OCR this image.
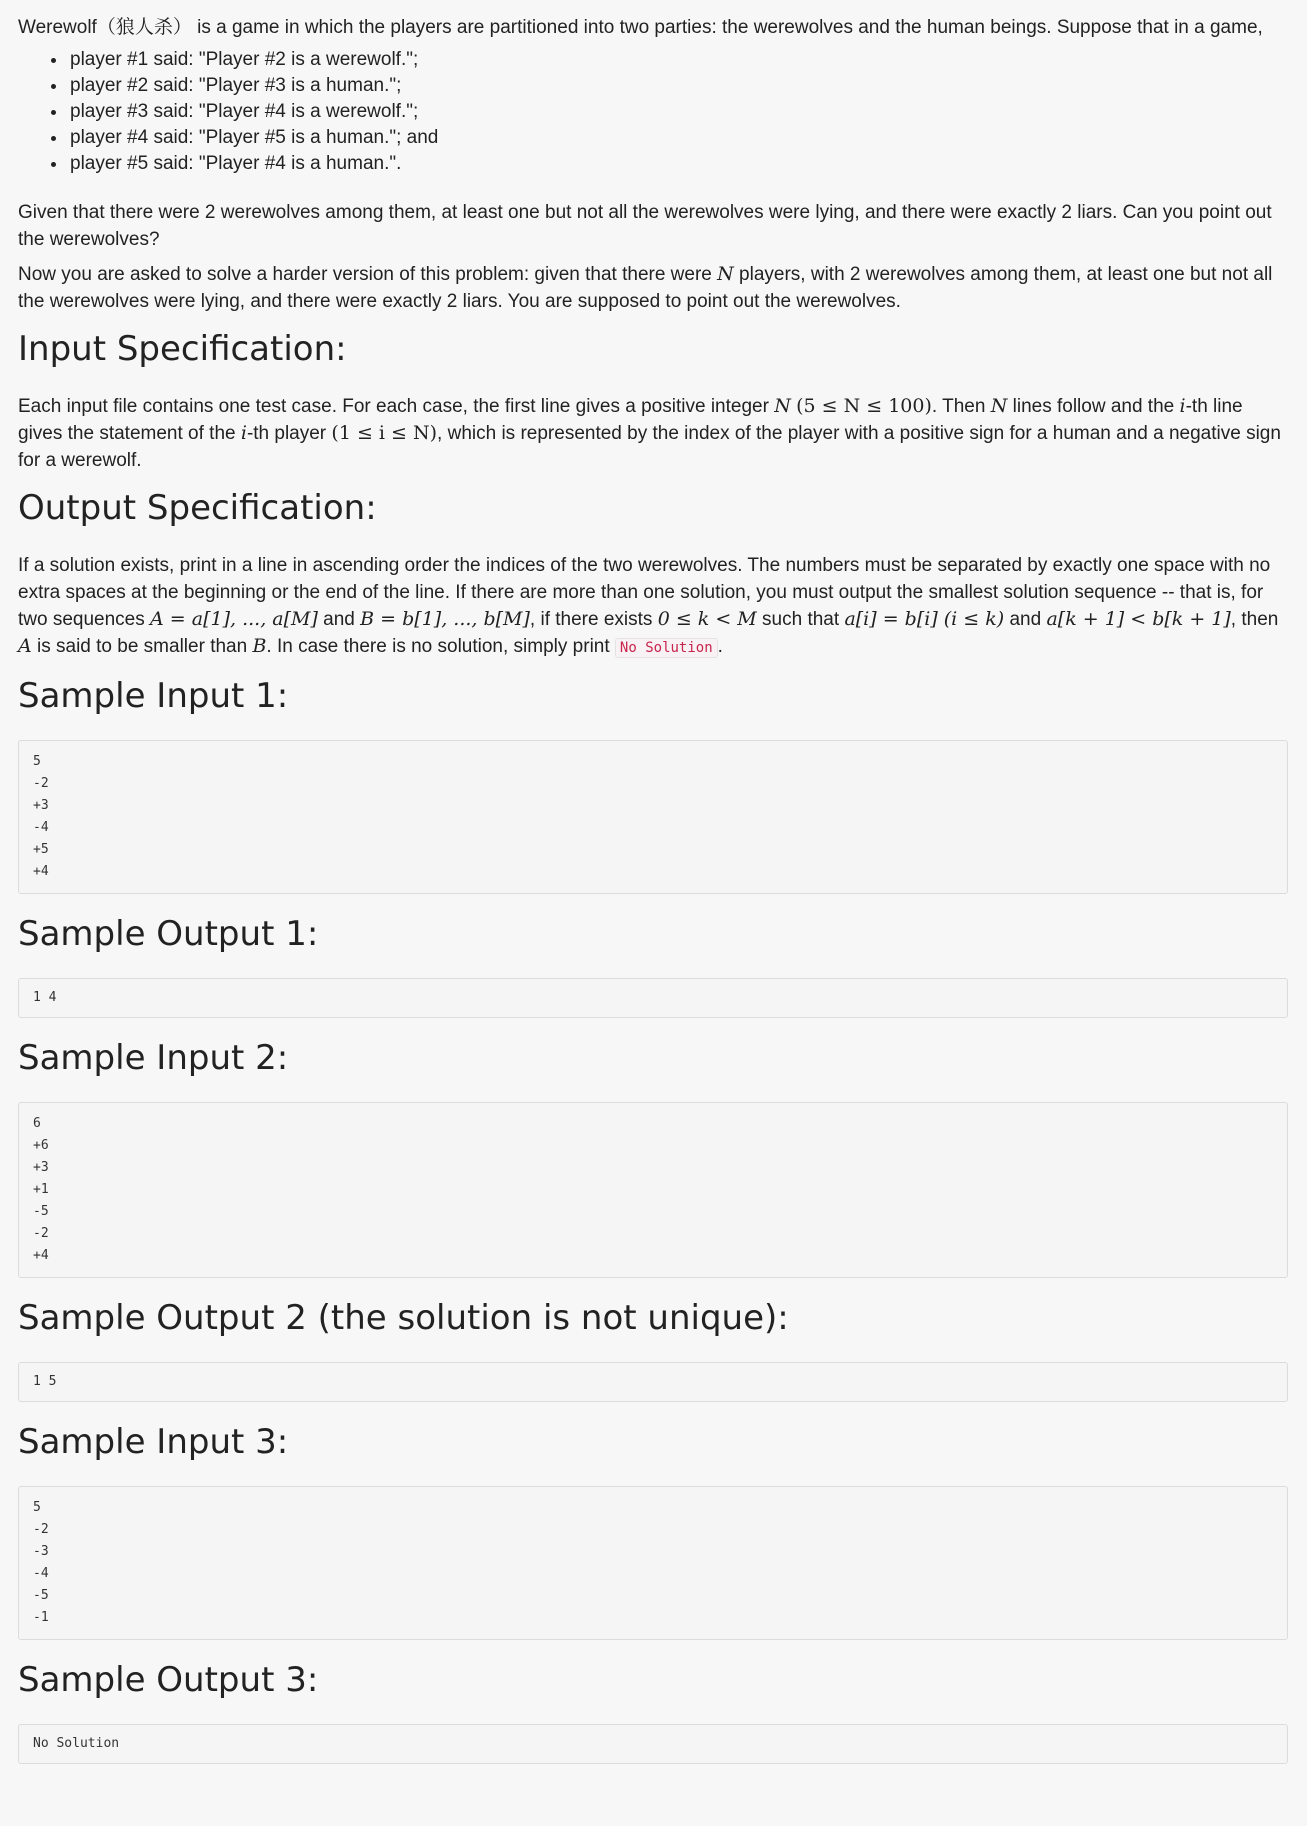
Werewolf（狼人杀） is a game in which the players are partitioned into two parties: the werewolves and the human beings. Suppose that in a game,

• player #1 said: "Player #2 is a werewolf.";
• player #2 said: "Player #3 is a human.";
• player #3 said: "Player #4 is a werewolf.";
• player #4 said: "Player #5 is a human."; and
• player #5 said: "Player #4 is a human.".

Given that there were 2 werewolves among them, at least one but not all the werewolves were lying, and there were exactly 2 liars. Can you point out the werewolves?

Now you are asked to solve a harder version of this problem: given that there were N players, with 2 werewolves among them, at least one but not all the werewolves were lying, and there were exactly 2 liars. You are supposed to point out the werewolves.

Input Specification:

Each input file contains one test case. For each case, the first line gives a positive integer N (5 ≤ N ≤ 100). Then N lines follow and the i-th line gives the statement of the i-th player (1 ≤ i ≤ N), which is represented by the index of the player with a positive sign for a human and a negative sign for a werewolf.

Output Specification:

If a solution exists, print in a line in ascending order the indices of the two werewolves. The numbers must be separated by exactly one space with no extra spaces at the beginning or the end of the line. If there are more than one solution, you must output the smallest solution sequence -- that is, for two sequences A = a[1], ..., a[M] and B = b[1], ..., b[M], if there exists 0 ≤ k < M such that a[i] = b[i] (i ≤ k) and a[k + 1] < b[k + 1], then A is said to be smaller than B. In case there is no solution, simply print No Solution .

Sample Input 1:
5
-2
+3
-4
+5
+4
Sample Output 1:
1 4
Sample Input 2:
6
+6
+3
+1
-5
-2
+4
Sample Output 2 (the solution is not unique):
1 5
Sample Input 3:
5
-2
-3
-4
-5
-1
Sample Output 3:
No Solution
